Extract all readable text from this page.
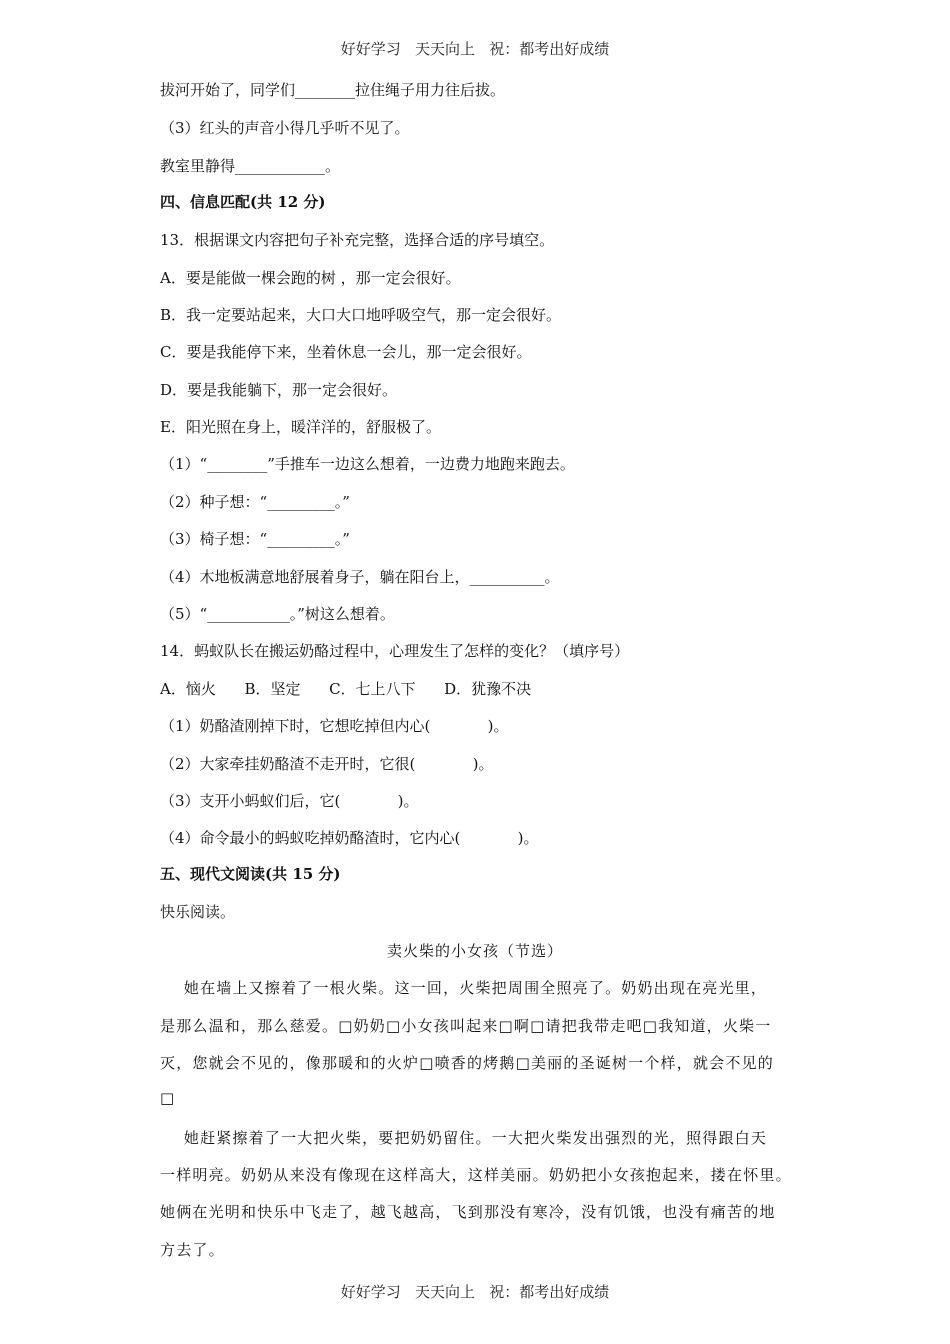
好好学习   天天向上   祝：都考出好成绩
拔河开始了，同学们________拉住绳子用力往后拔。
（3）红头的声音小得几乎听不见了。
教室里静得____________。
四、信息匹配(共 12 分)
13．根据课文内容把句子补充完整，选择合适的序号填空。
A．要是能做一棵会跑的树 ，那一定会很好。
B．我一定要站起来，大口大口地呼吸空气，那一定会很好。
C．要是我能停下来，坐着休息一会儿，那一定会很好。
D．要是我能躺下，那一定会很好。
E．阳光照在身上，暖洋洋的，舒服极了。
（1）“________”手推车一边这么想着，一边费力地跑来跑去。
（2）种子想：“_________。”
（3）椅子想：“_________。”
（4）木地板满意地舒展着身子，躺在阳台上，__________。
（5）“___________。”树这么想着。
14．蚂蚁队长在搬运奶酪过程中，心理发生了怎样的变化？（填序号）
A．恼火      B．坚定      C．七上八下      D．犹豫不决
（1）奶酪渣刚掉下时，它想吃掉但内心(            )。
（2）大家牵挂奶酪渣不走开时，它很(            )。
（3）支开小蚂蚁们后，它(            )。
（4）命令最小的蚂蚁吃掉奶酪渣时，它内心(            )。
五、现代文阅读(共 15 分)
快乐阅读。
卖火柴的小女孩（节选）
她在墙上又擦着了一根火柴。这一回，火柴把周围全照亮了。奶奶出现在亮光里，
是那么温和，那么慈爱。□奶奶□小女孩叫起来□啊□请把我带走吧□我知道，火柴一
灭，您就会不见的，像那暖和的火炉□喷香的烤鹅□美丽的圣诞树一个样，就会不见的
□
她赶紧擦着了一大把火柴，要把奶奶留住。一大把火柴发出强烈的光，照得跟白天
一样明亮。奶奶从来没有像现在这样高大，这样美丽。奶奶把小女孩抱起来，搂在怀里。
她俩在光明和快乐中飞走了，越飞越高，飞到那没有寒冷，没有饥饿，也没有痛苦的地
方去了。
好好学习   天天向上   祝：都考出好成绩
